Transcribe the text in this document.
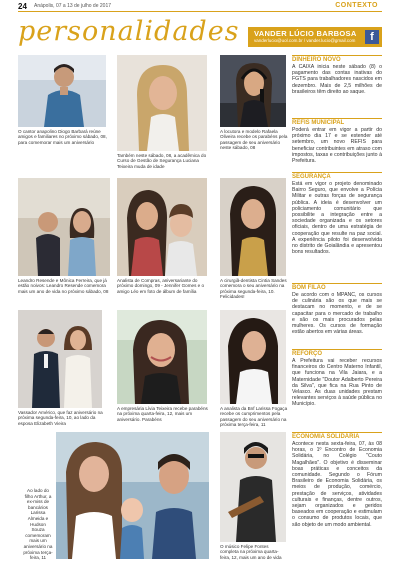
24 Anápolis, 07 a 13 de julho de 2017	CONTEXTO
personalidades VANDER LÚCIO BARBOSA
vanderlucio@uol.com.br / vander.lucio@gmail.com	f
O cantor anapolino Diogo Barbará reúne amigos e familiares no próximo sábado, 08, para comemorar mais um aniversário
Também neste sábado, 08, a acadêmica do Curso de Gestão de Segurança Luciana Teixeira muda de idade
A locutora e modelo Rafaela Oliveira recebe os parabéns pela passagem de seu aniversário neste sábado, 08
Leandro Resende e Mônica Ferreira, que já estão noivos: Leandro Resende comemora mais um ano de vida no próximo sábado, 08
Analista de Compras, aniversariante do próximo domingo, 09 - Jennifer Gomes e o amigo Léo em foto de álbum de família
A cirurgiã-dentista Cintia Sandes comemora o seu aniversário na próxima segunda-feira, 10. Felicidades!
Vassador Américo, que faz aniversário na próxima segunda-feira, 10, ao lado da esposa Elizabeth Vieira
A empresária Lívia Teixeira recebe parabéns na próxima quarta-feira, 12, mais um aniversário. Parabéns
A analista da Bnf Larissa Fogaça recebe os cumprimentos pela passagem do seu aniversário na próxima terça-feira, 11
Ao lado do filho Arthur, a ex-miss de bancários Larissa Almeida e Hudson Souza comemoram mais um aniversário na próxima terça-feira, 11
O músico Felipe Fontes completa na próxima quarta-feira, 12, mais um ano de vida
DINHEIRO NOVO
A CAIXA inicia neste sábado (8) o pagamento das contas inativas do FGTS para trabalhadores nascidos em dezembro. Mais de 2,5 milhões de brasileiros têm direito ao saque.
REFIS MUNICIPAL
Poderá entrar em vigor a partir do próximo dia 17 e se estender até setembro, um novo REFIS para beneficiar contribuintes em atraso com impostos, taxas e contribuições junto à Prefeitura.
SEGURANÇA
Está em vigor o projeto denominado Bairro Seguro, que envolve a Polícia Militar e outras forças de segurança pública. A ideia é desenvolver um policiamento comunitário que possibilite a integração entre a sociedade organizada e os setores oficiais, dentro de uma estratégia de cooperação que resulte na paz social. A experiência piloto foi desenvolvida no distrito de Goialândia e apresentou bons resultados.
BOM FILÃO
De acordo com o MPANC, os cursos de culinária são os que mais se destacam no momento, e de se capacitar para o mercado de trabalho e são os mais procurados pelas mulheres. Os cursos de formação estão abertos em várias áreas.
REFORÇO
A Prefeitura vai receber recursos financeiros do Centro Materno Infantil, que funciona na Vila Jaiara, e a Maternidade "Doutor Adalberto Pereira da Silva", que fica na Rua Pinto de Velasco. As duas unidades prestam relevantes serviços à saúde pública no Município.
ECONOMIA SOLIDÁRIA
Acontece nesta sexta-feira, 07, às 08 horas, o 1º Encontro de Economia Solidária, no Colégio "Couto Magalhães". O objetivo é disseminar boas práticas e conceitos da comunidade. Segundo o Fórum Brasileiro de Economia Solidária, os meios de produção, comércio, prestação de serviços, atividades culturais e finanças, dentre outros, sejam organizados e geridos baseados em cooperação e estimulam o consumo de produtos locais, que são objeto de um modo ambiental.
